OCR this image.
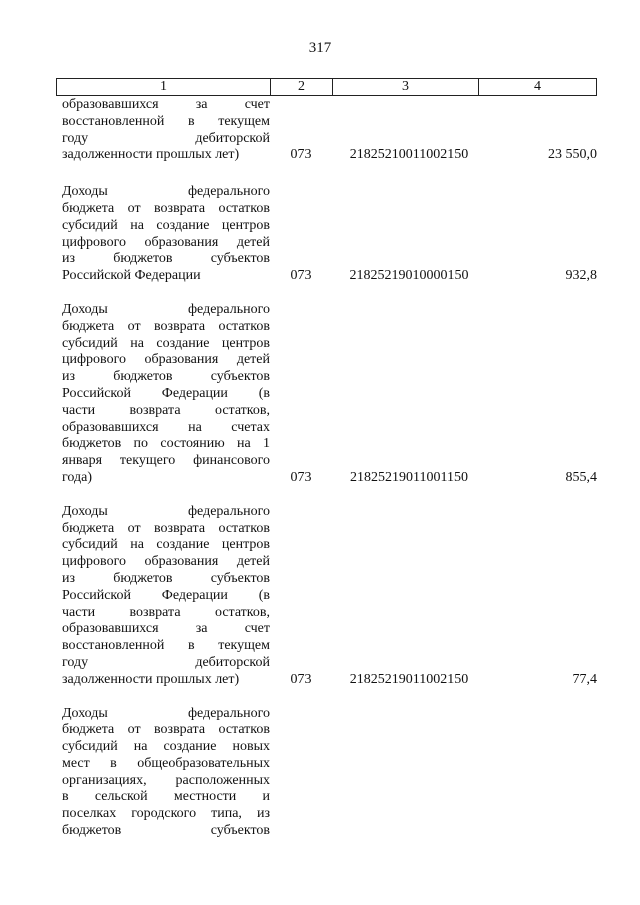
317
1	2	3	4
образовавшихся за счет
восстановленной в текущем
году дебиторской
задолженности прошлых лет)	073	21825210011002150	23 550,0
Доходы федерального
бюджета от возврата остатков
субсидий на создание центров
цифрового образования детей
из бюджетов субъектов
Российской Федерации	073	21825219010000150	932,8
Доходы федерального
бюджета от возврата остатков
субсидий на создание центров
цифрового образования детей
из бюджетов субъектов
Российской Федерации (в
части возврата остатков,
образовавшихся на счетах
бюджетов по состоянию на 1
января текущего финансового
года)	073	21825219011001150	855,4
Доходы федерального
бюджета от возврата остатков
субсидий на создание центров
цифрового образования детей
из бюджетов субъектов
Российской Федерации (в
части возврата остатков,
образовавшихся за счет
восстановленной в текущем
году дебиторской
задолженности прошлых лет)	073	21825219011002150	77,4
Доходы федерального
бюджета от возврата остатков
субсидий на создание новых
мест в общеобразовательных
организациях, расположенных
в сельской местности и
поселках городского типа, из
бюджетов субъектов
